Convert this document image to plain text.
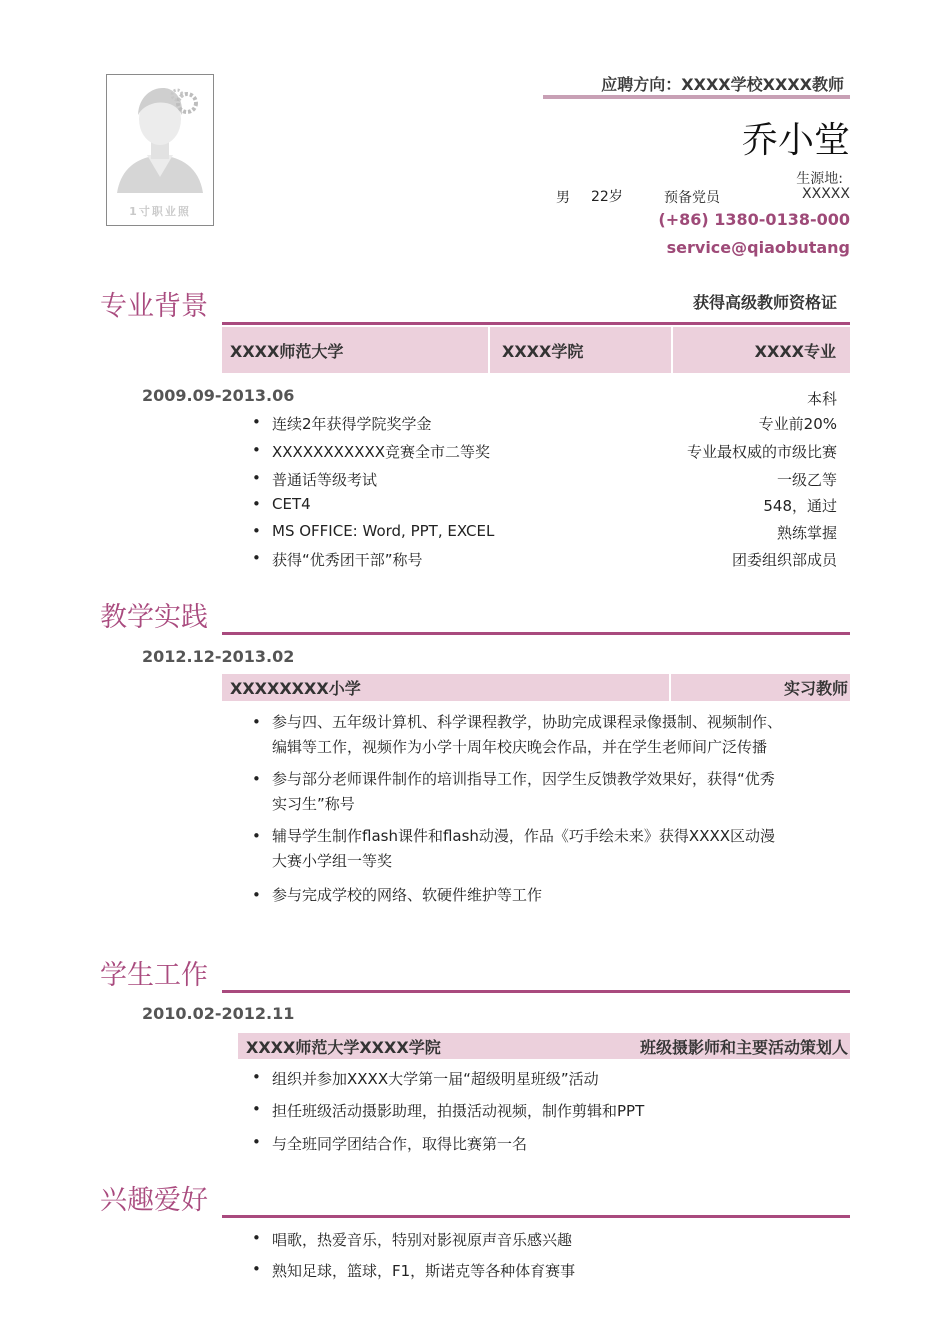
1寸职业照
应聘方向：XXXX学校XXXX教师
乔小堂
生源地:
XXXXX
男 22岁	预备党员
(+86) 1380-0138-000
service@qiaobutang
专业背景	获得高级教师资格证
XXXX师范大学	XXXX学院	XXXX专业
2009.09-2013.06	本科
• 连续2年获得学院奖学金	专业前20%
• XXXXXXXXXXX竞赛全市二等奖	专业最权威的市级比赛
• 普通话等级考试	一级乙等
• CET4	548，通过
• MS OFFICE: Word, PPT, EXCEL	熟练掌握
• 获得“优秀团干部”称号	团委组织部成员
教学实践
2012.12-2013.02
XXXXXXXX小学	实习教师
• 参与四、五年级计算机、科学课程教学，协助完成课程录像摄制、视频制作、编辑等工作，视频作为小学十周年校庆晚会作品，并在学生老师间广泛传播
• 参与部分老师课件制作的培训指导工作，因学生反馈教学效果好，获得“优秀实习生”称号
• 辅导学生制作flash课件和flash动漫，作品《巧手绘未来》获得XXXX区动漫大赛小学组一等奖
• 参与完成学校的网络、软硬件维护等工作
学生工作
2010.02-2012.11
XXXX师范大学XXXX学院	班级摄影师和主要活动策划人
• 组织并参加XXXX大学第一届“超级明星班级”活动
• 担任班级活动摄影助理，拍摄活动视频，制作剪辑和PPT
• 与全班同学团结合作，取得比赛第一名
兴趣爱好
• 唱歌，热爱音乐，特别对影视原声音乐感兴趣
• 熟知足球，篮球，F1，斯诺克等各种体育赛事
